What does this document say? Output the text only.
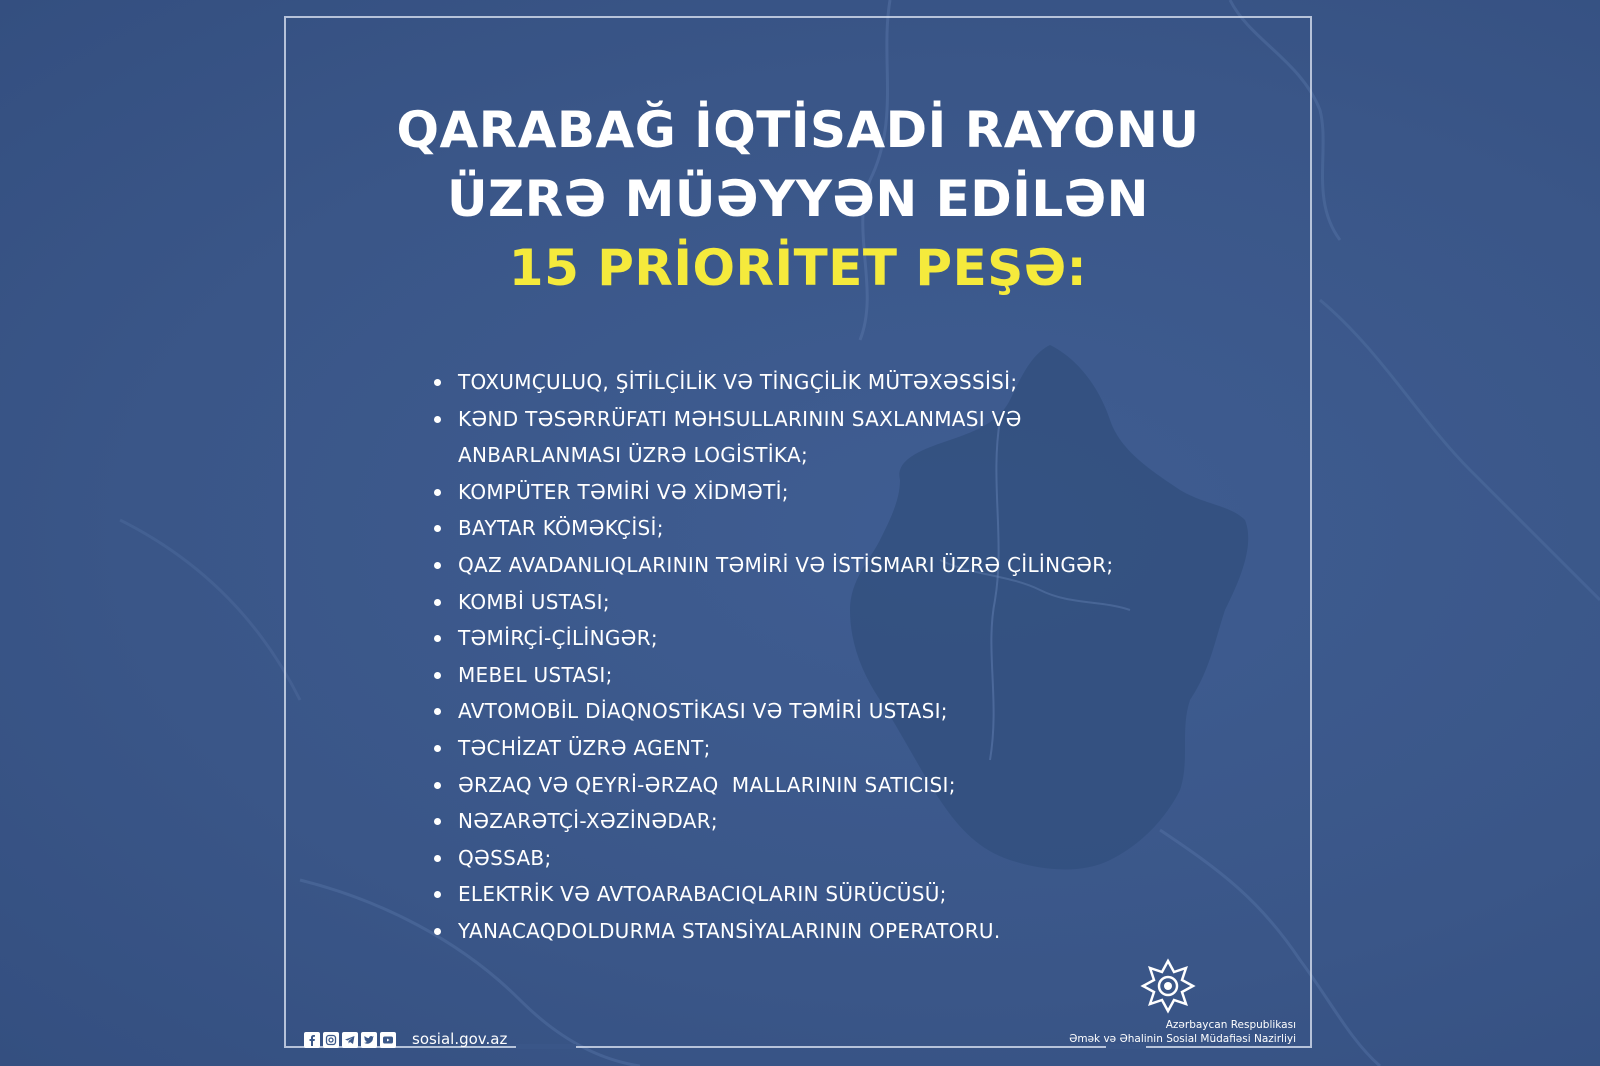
QARABAĞ İQTİSADİ RAYONU
ÜZRƏ MÜƏYYƏN EDİLƏN
15 PRİORİTET PEŞƏ:
TOXUMÇULUQ, ŞİTİLÇİLİK VƏ TİNGÇİLİK MÜTƏXƏSSİSİ;
KƏND TƏSƏRRÜFATI MƏHSULLARININ SAXLANMASI VƏ
ANBARLANMASI ÜZRƏ LOGİSTİKA;
KOMPÜTER TƏMİRİ VƏ XİDMƏTİ;
BAYTAR KÖMƏKÇİSİ;
QAZ AVADANLIQLARININ TƏMİRİ VƏ İSTİSMARI ÜZRƏ ÇİLİNGƏR;
KOMBİ USTASI;
TƏMİRÇİ-ÇİLİNGƏR;
MEBEL USTASI;
AVTOMOBİL DİAQNOSTİKASI VƏ TƏMİRİ USTASI;
TƏCHİZAT ÜZRƏ AGENT;
ƏRZAQ VƏ QEYRİ-ƏRZAQ  MALLARININ SATICISI;
NƏZARƏTÇİ-XƏZİNƏDAR;
QƏSSAB;
ELEKTRİK VƏ AVTOARABACIQLARIN SÜRÜCÜSÜ;
YANACAQDOLDURMA STANSİYALARININ OPERATORU.
sosial.gov.az
Azərbaycan Respublikası
Əmək və Əhalinin Sosial Müdafiəsi Nazirliyi
